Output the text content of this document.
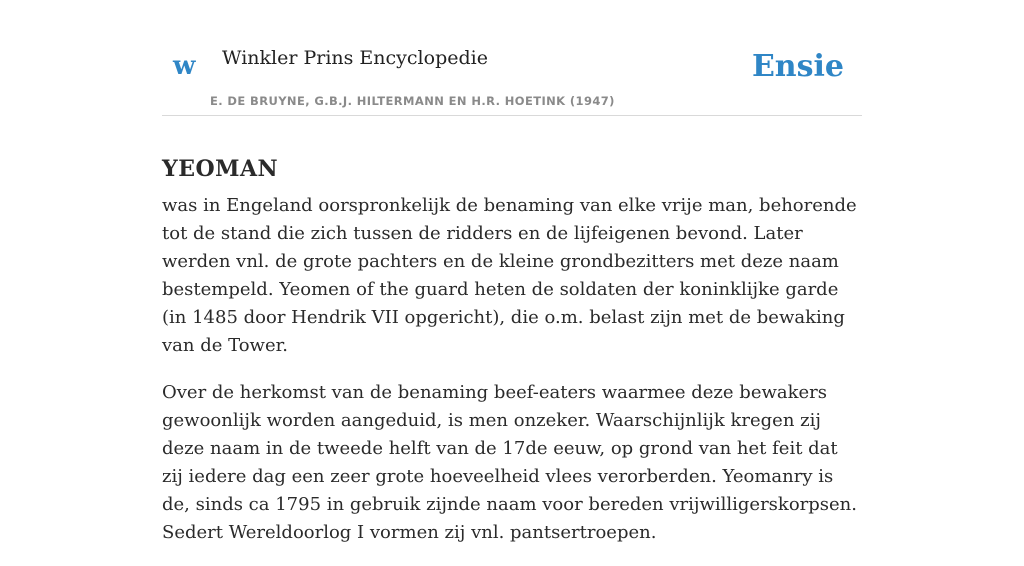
w Winkler Prins Encyclopedie
E. DE BRUYNE, G.B.J. HILTERMANN EN H.R. HOETINK (1947)
Ensie
YEOMAN

was in Engeland oorspronkelijk de benaming van elke vrije man, behorende tot de stand die zich tussen de ridders en de lijfeigenen bevond. Later werden vnl. de grote pachters en de kleine grondbezitters met deze naam bestempeld. Yeomen of the guard heten de soldaten der koninklijke garde (in 1485 door Hendrik VII opgericht), die o.m. belast zijn met de bewaking van de Tower.

Over de herkomst van de benaming beef-eaters waarmee deze bewakers gewoonlijk worden aangeduid, is men onzeker. Waarschijnlijk kregen zij deze naam in de tweede helft van de 17de eeuw, op grond van het feit dat zij iedere dag een zeer grote hoeveelheid vlees verorberden. Yeomanry is de, sinds ca 1795 in gebruik zijnde naam voor bereden vrijwilligerskorpsen. Sedert Wereldoorlog I vormen zij vnl. pantsertroepen.
